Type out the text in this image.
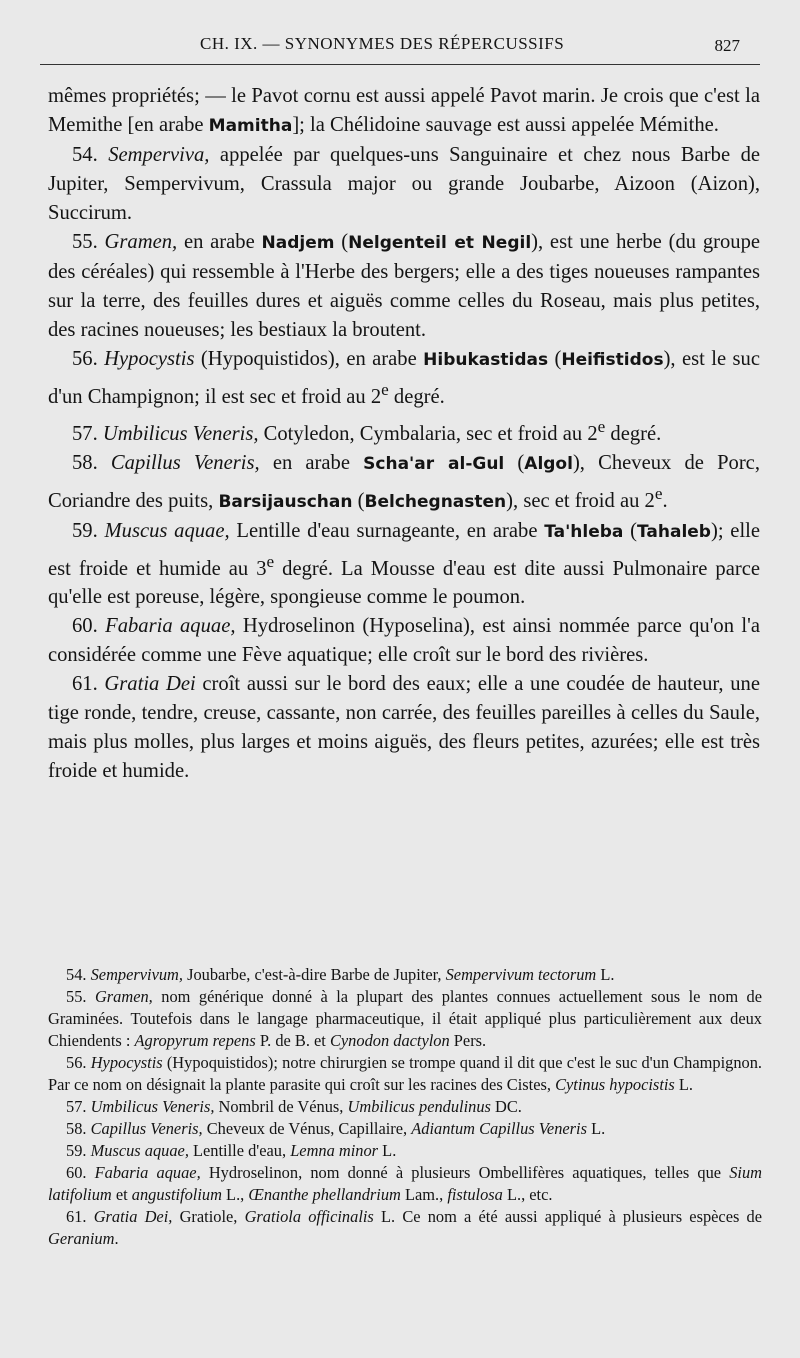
CH. IX. — SYNONYMES DES RÉPERCUSSIFS	827

mêmes propriétés; — le Pavot cornu est aussi appelé Pavot marin. Je crois que c'est la Memithe [en arabe Mamitha]; la Chélidoine sauvage est aussi appelée Mémithe.

54. Semperviva, appelée par quelques-uns Sanguinaire et chez nous Barbe de Jupiter, Sempervivum, Crassula major ou grande Joubarbe, Aizoon (Aizon), Succirum.

55. Gramen, en arabe Nadjem (Nelgenteil et Negil), est une herbe (du groupe des céréales) qui ressemble à l'Herbe des bergers; elle a des tiges noueuses rampantes sur la terre, des feuilles dures et aiguës comme celles du Roseau, mais plus petites, des racines noueuses; les bestiaux la broutent.

56. Hypocystis (Hypoquistidos), en arabe Hibukastidas (Heifistidos), est le suc d'un Champignon; il est sec et froid au 2e degré.

57. Umbilicus Veneris, Cotyledon, Cymbalaria, sec et froid au 2e degré.

58. Capillus Veneris, en arabe Scha'ar al-Gul (Algol), Cheveux de Porc, Coriandre des puits, Barsijauschan (Belchegnasten), sec et froid au 2e.

59. Muscus aquae, Lentille d'eau surnageante, en arabe Ta'hleba (Tahaleb); elle est froide et humide au 3e degré. La Mousse d'eau est dite aussi Pulmonaire parce qu'elle est poreuse, légère, spongieuse comme le poumon.

60. Fabaria aquae, Hydroselinon (Hyposelina), est ainsi nommée parce qu'on l'a considérée comme une Fève aquatique; elle croît sur le bord des rivières.

61. Gratia Dei croît aussi sur le bord des eaux; elle a une coudée de hauteur, une tige ronde, tendre, creuse, cassante, non carrée, des feuilles pareilles à celles du Saule, mais plus molles, plus larges et moins aiguës, des fleurs petites, azurées; elle est très froide et humide.

54. Sempervivum, Joubarbe, c'est-à-dire Barbe de Jupiter, Sempervivum tectorum L.

55. Gramen, nom générique donné à la plupart des plantes connues actuellement sous le nom de Graminées. Toutefois dans le langage pharmaceutique, il était appliqué plus particulièrement aux deux Chiendents : Agropyrum repens P. de B. et Cynodon dactylon Pers.

56. Hypocystis (Hypoquistidos); notre chirurgien se trompe quand il dit que c'est le suc d'un Champignon. Par ce nom on désignait la plante parasite qui croît sur les racines des Cistes, Cytinus hypocistis L.

57. Umbilicus Veneris, Nombril de Vénus, Umbilicus pendulinus DC.

58. Capillus Veneris, Cheveux de Vénus, Capillaire, Adiantum Capillus Veneris L.

59. Muscus aquae, Lentille d'eau, Lemna minor L.

60. Fabaria aquae, Hydroselinon, nom donné à plusieurs Ombellifères aquatiques, telles que Sium latifolium et angustifolium L., Œnanthe phellandrium Lam., fistulosa L., etc.

61. Gratia Dei, Gratiole, Gratiola officinalis L. Ce nom a été aussi appliqué à plusieurs espèces de Geranium.
